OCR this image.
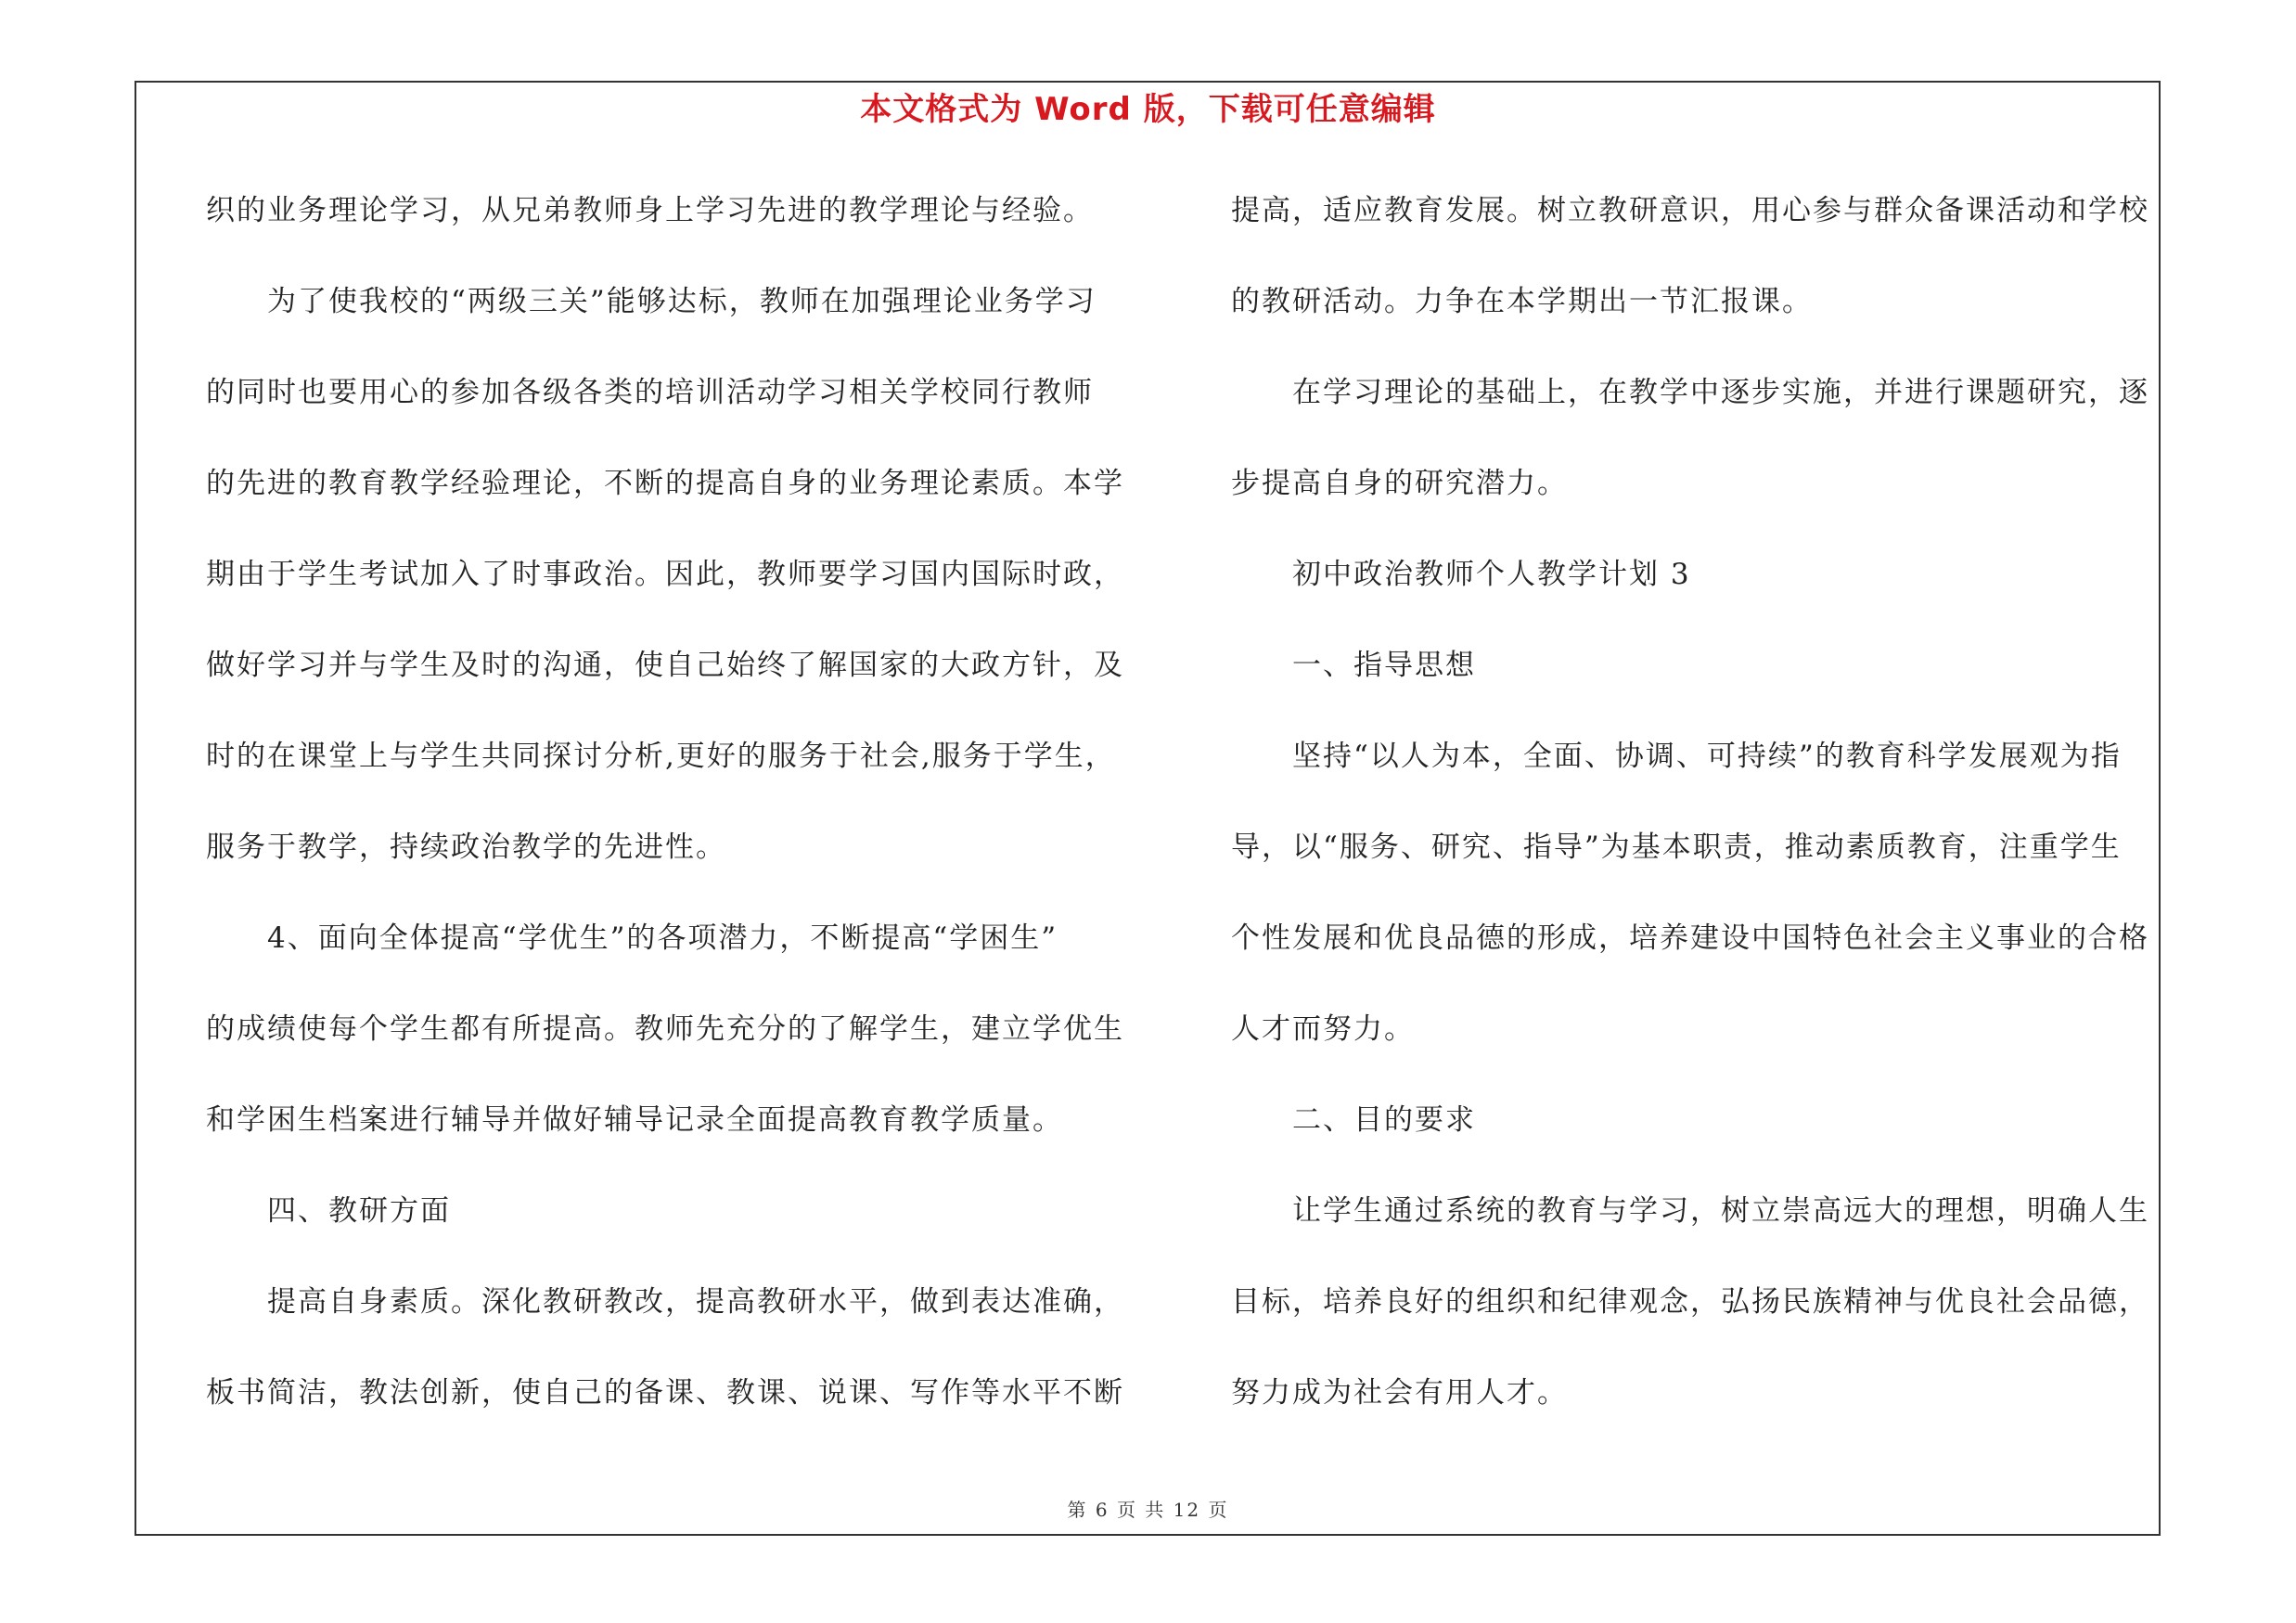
本文格式为 Word 版，下载可任意编辑
织的业务理论学习，从兄弟教师身上学习先进的教学理论与经验。
为了使我校的“两级三关”能够达标，教师在加强理论业务学习
的同时也要用心的参加各级各类的培训活动学习相关学校同行教师
的先进的教育教学经验理论，不断的提高自身的业务理论素质。本学
期由于学生考试加入了时事政治。因此，教师要学习国内国际时政，
做好学习并与学生及时的沟通，使自己始终了解国家的大政方针，及
时的在课堂上与学生共同探讨分析,更好的服务于社会,服务于学生，
服务于教学，持续政治教学的先进性。
4、面向全体提高“学优生”的各项潜力，不断提高“学困生”
的成绩使每个学生都有所提高。教师先充分的了解学生，建立学优生
和学困生档案进行辅导并做好辅导记录全面提高教育教学质量。
四、教研方面
提高自身素质。深化教研教改，提高教研水平，做到表达准确，
板书简洁，教法创新，使自己的备课、教课、说课、写作等水平不断
提高，适应教育发展。树立教研意识，用心参与群众备课活动和学校
的教研活动。力争在本学期出一节汇报课。
在学习理论的基础上，在教学中逐步实施，并进行课题研究，逐
步提高自身的研究潜力。
初中政治教师个人教学计划 3
一、指导思想
坚持“以人为本，全面、协调、可持续”的教育科学发展观为指
导，以“服务、研究、指导”为基本职责，推动素质教育，注重学生
个性发展和优良品德的形成，培养建设中国特色社会主义事业的合格
人才而努力。
二、目的要求
让学生通过系统的教育与学习，树立崇高远大的理想，明确人生
目标，培养良好的组织和纪律观念，弘扬民族精神与优良社会品德，
努力成为社会有用人才。
第 6 页 共 12 页
